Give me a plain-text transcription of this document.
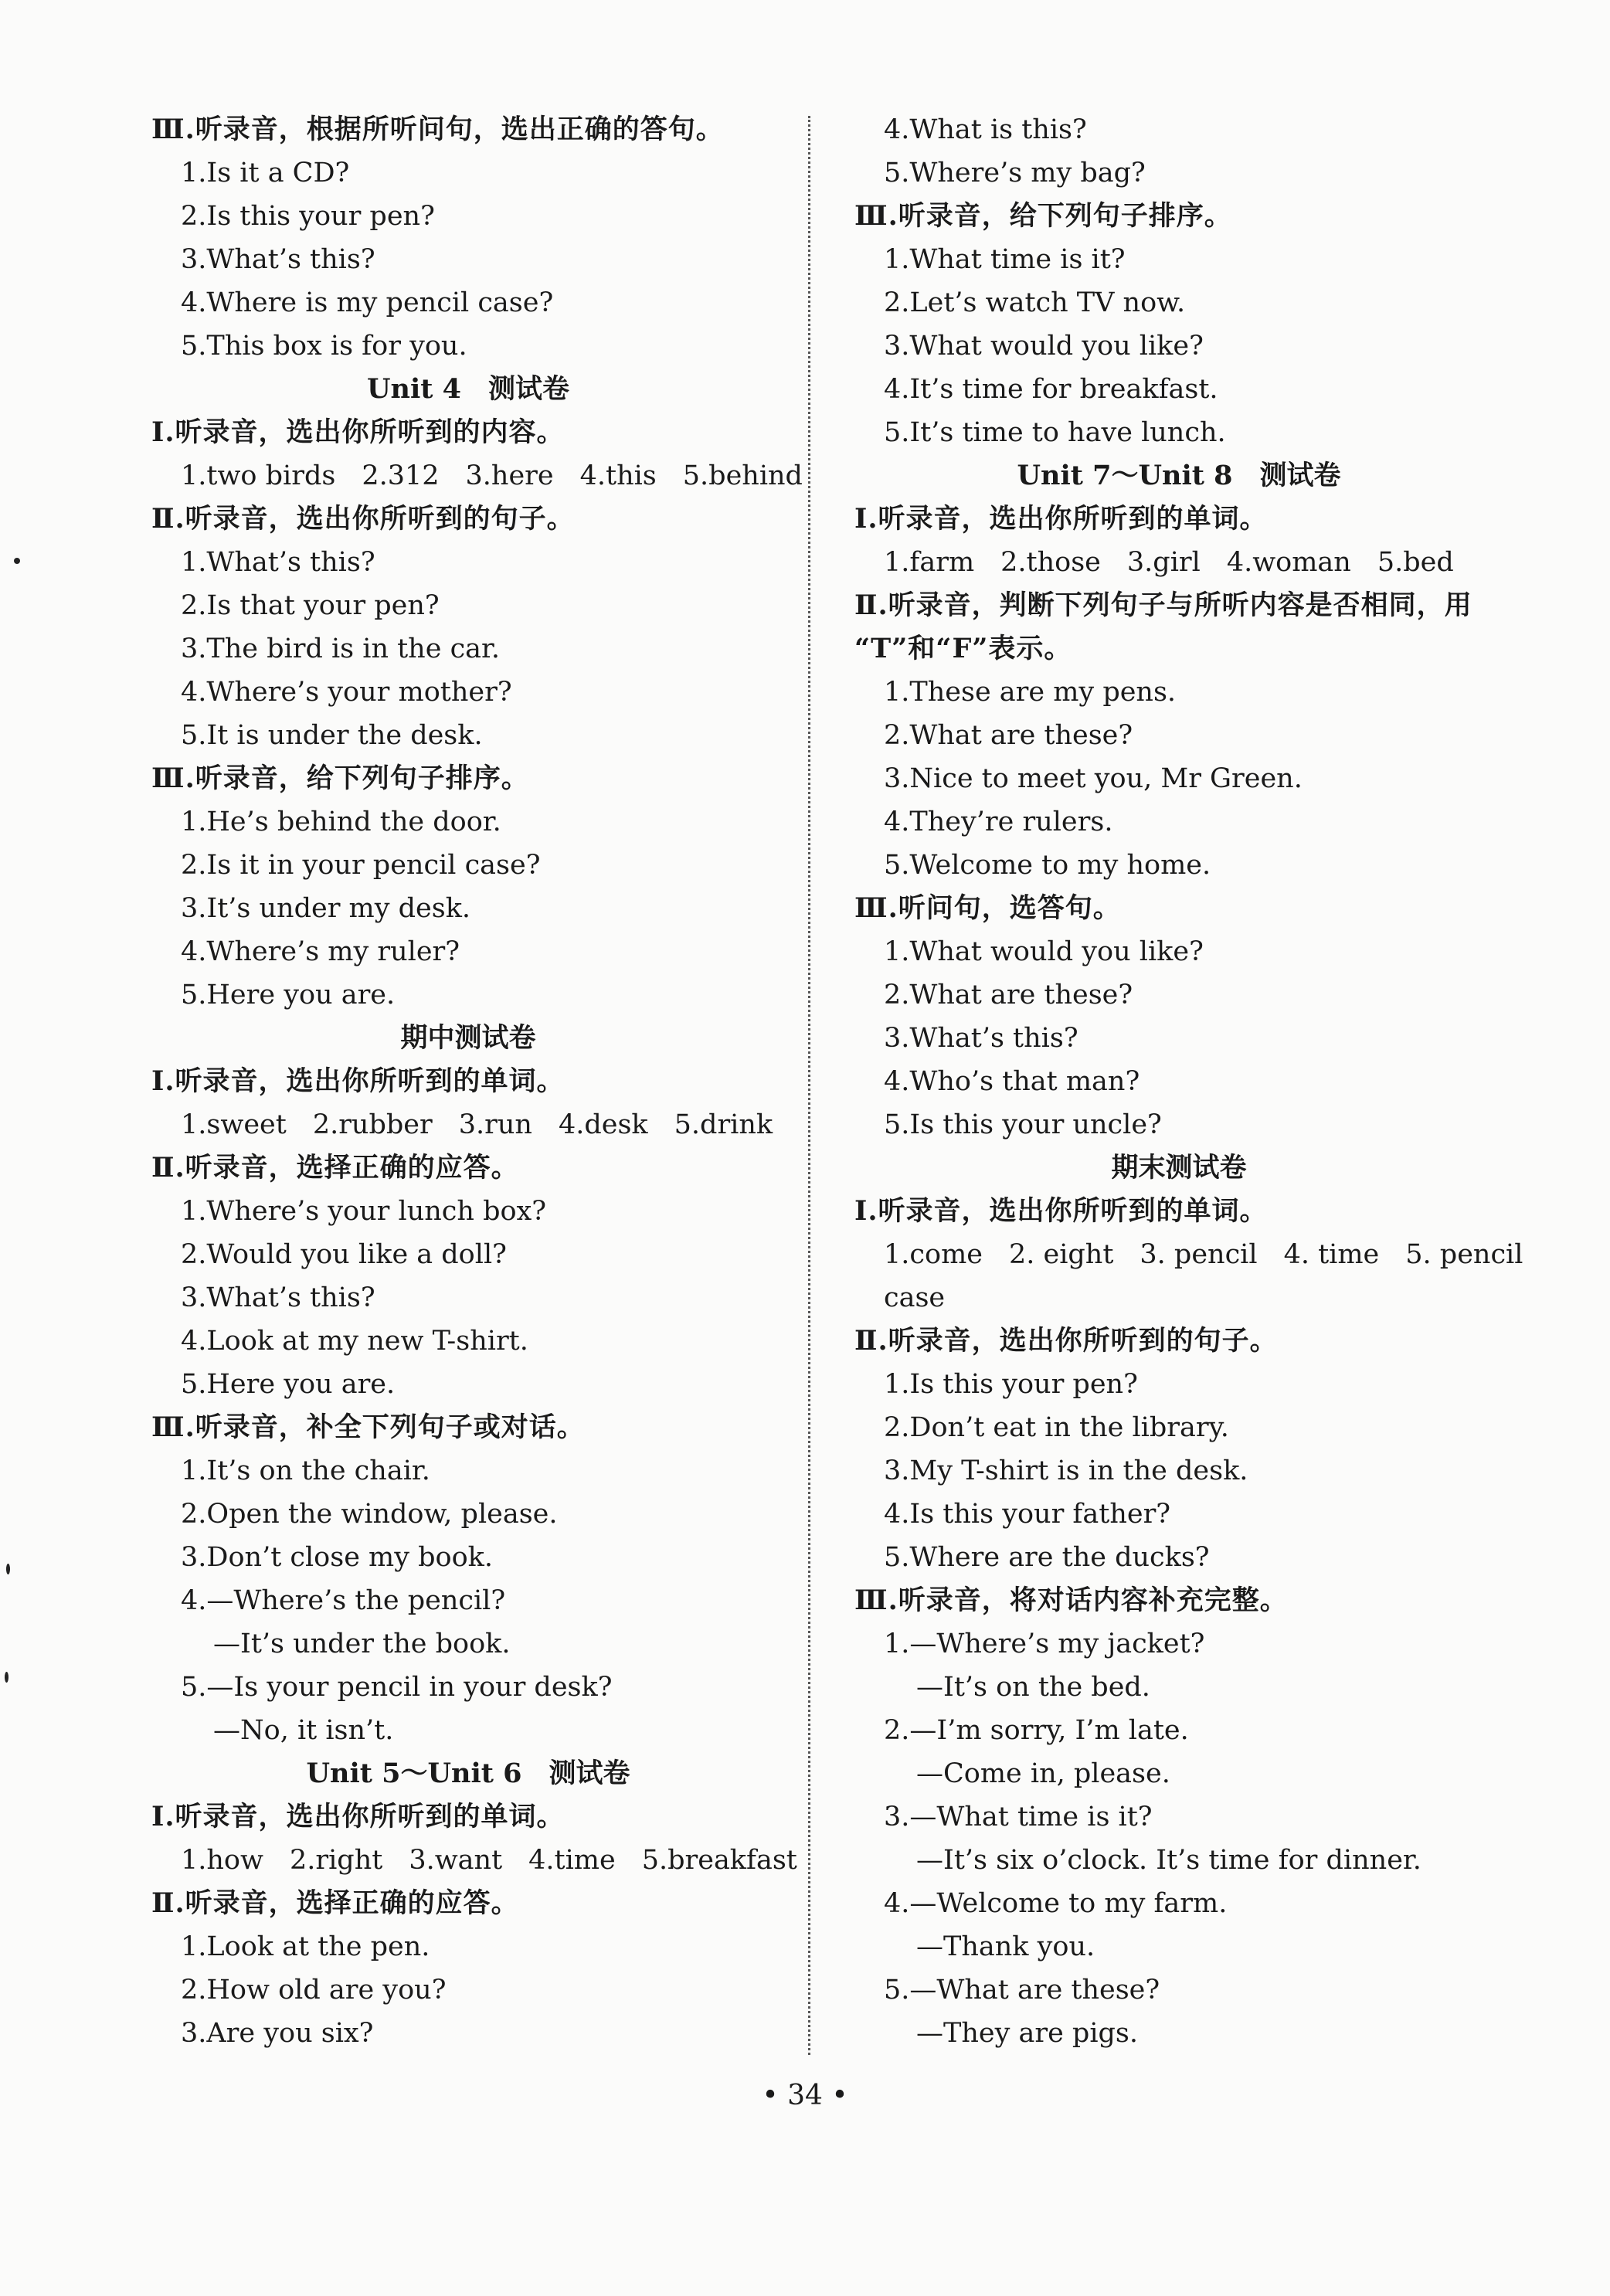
Ⅲ.听录音，根据所听问句，选出正确的答句。
1.Is it a CD?
2.Is this your pen?
3.What’s this?
4.Where is my pencil case?
5.This box is for you.
Unit 4　测试卷
Ⅰ.听录音，选出你所听到的内容。
1.two birds 2.312 3.here 4.this 5.behind
Ⅱ.听录音，选出你所听到的句子。
1.What’s this?
2.Is that your pen?
3.The bird is in the car.
4.Where’s your mother?
5.It is under the desk.
Ⅲ.听录音，给下列句子排序。
1.He’s behind the door.
2.Is it in your pencil case?
3.It’s under my desk.
4.Where’s my ruler?
5.Here you are.
期中测试卷
Ⅰ.听录音，选出你所听到的单词。
1.sweet 2.rubber 3.run 4.desk 5.drink
Ⅱ.听录音，选择正确的应答。
1.Where’s your lunch box?
2.Would you like a doll?
3.What’s this?
4.Look at my new T-shirt.
5.Here you are.
Ⅲ.听录音，补全下列句子或对话。
1.It’s on the chair.
2.Open the window, please.
3.Don’t close my book.
4.—Where’s the pencil?
—It’s under the book.
5.—Is your pencil in your desk?
—No, it isn’t.
Unit 5～Unit 6　测试卷
Ⅰ.听录音，选出你所听到的单词。
1.how 2.right 3.want 4.time 5.breakfast
Ⅱ.听录音，选择正确的应答。
1.Look at the pen.
2.How old are you?
3.Are you six?
4.What is this?
5.Where’s my bag?
Ⅲ.听录音，给下列句子排序。
1.What time is it?
2.Let’s watch TV now.
3.What would you like?
4.It’s time for breakfast.
5.It’s time to have lunch.
Unit 7～Unit 8　测试卷
Ⅰ.听录音，选出你所听到的单词。
1.farm 2.those 3.girl 4.woman 5.bed
Ⅱ.听录音，判断下列句子与所听内容是否相同，用
“T”和“F”表示。
1.These are my pens.
2.What are these?
3.Nice to meet you, Mr Green.
4.They’re rulers.
5.Welcome to my home.
Ⅲ.听问句，选答句。
1.What would you like?
2.What are these?
3.What’s this?
4.Who’s that man?
5.Is this your uncle?
期末测试卷
Ⅰ.听录音，选出你所听到的单词。
1.come 2. eight 3. pencil 4. time 5. pencil
case
Ⅱ.听录音，选出你所听到的句子。
1.Is this your pen?
2.Don’t eat in the library.
3.My T-shirt is in the desk.
4.Is this your father?
5.Where are the ducks?
Ⅲ.听录音，将对话内容补充完整。
1.—Where’s my jacket?
—It’s on the bed.
2.—I’m sorry, I’m late.
—Come in, please.
3.—What time is it?
—It’s six o’clock. It’s time for dinner.
4.—Welcome to my farm.
—Thank you.
5.—What are these?
—They are pigs.
• 34 •
